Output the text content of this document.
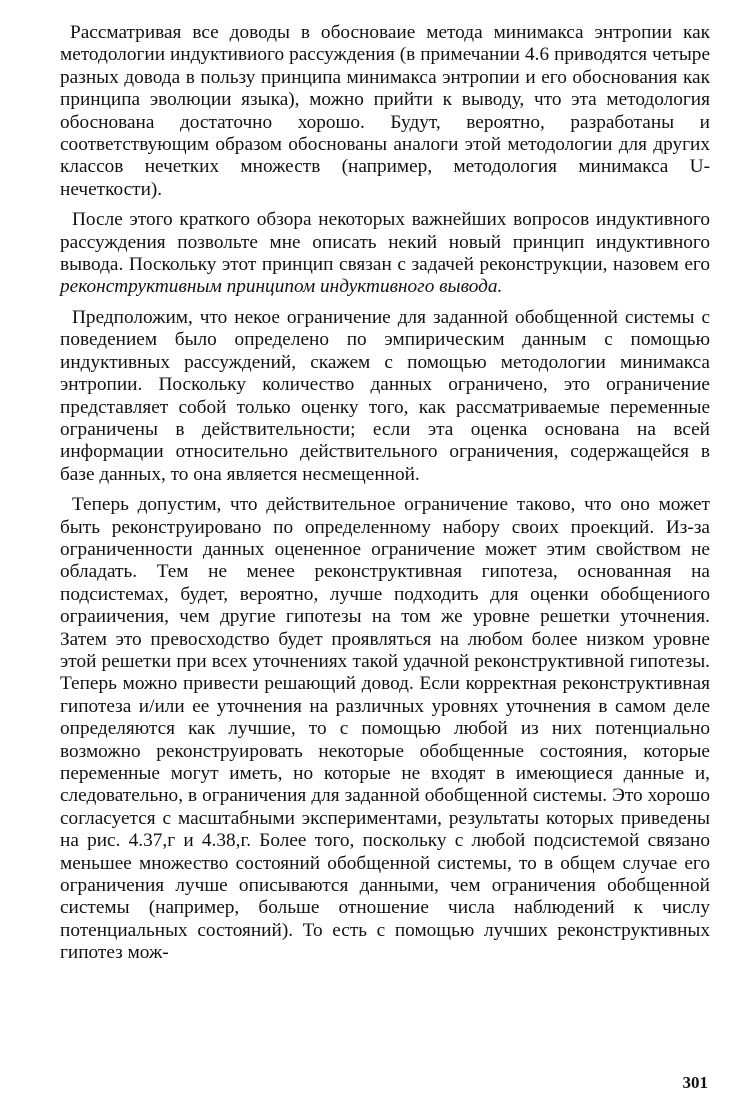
Рассматривая все доводы в обосноваие метода минимакса энтропии как методологии индуктивиого рассуждения (в примечании 4.6 приводятся четыре разных довода в пользу принципа минимакса энтропии и его обоснования как принципа эволюции языка), можно прийти к выводу, что эта методология обоснована достаточно хорошо. Будут, вероятно, разработаны и соответствующим образом обоснованы аналоги этой методологии для других классов нечетких множеств (например, методология минимакса U-нечеткости).

После этого краткого обзора некоторых важнейших вопросов индуктивного рассуждения позвольте мне описать некий новый принцип индуктивного вывода. Поскольку этот принцип связан с задачей реконструкции, назовем его реконструктивным принципом индуктивного вывода.

Предположим, что некое ограничение для заданной обобщенной системы с поведением было определено по эмпирическим данным с помощью индуктивных рассуждений, скажем с помощью методологии минимакса энтропии. Поскольку количество данных ограничено, это ограничение представляет собой только оценку того, как рассматриваемые переменные ограничены в действительности; если эта оценка основана на всей информации относительно действительного ограничения, содержащейся в базе данных, то она является несмещенной.

Теперь допустим, что действительное ограничение таково, что оно может быть реконструировано по определенному набору своих проекций. Из-за ограниченности данных оцененное ограничение может этим свойством не обладать. Тем не менее реконструктивная гипотеза, основанная на подсистемах, будет, вероятно, лучше подходить для оценки обобщениого ограиичения, чем другие гипотезы на том же уровне решетки уточнения. Затем это превосходство будет проявляться на любом более низком уровне этой решетки при всех уточнениях такой удачной реконструктивной гипотезы. Теперь можно привести решающий довод. Если корректная реконструктивная гипотеза и/или ее уточнения на различных уровнях уточнения в самом деле определяются как лучшие, то с помощью любой из них потенциально возможно реконструировать некоторые обобщенные состояния, которые переменные могут иметь, но которые не входят в имеющиеся данные и, следовательно, в ограничения для заданной обобщенной системы. Это хорошо согласуется с масштабными экспериментами, результаты которых приведены на рис. 4.37,г и 4.38,г. Более того, поскольку с любой подсистемой связано меньшее множество состояний обобщенной системы, то в общем случае его ограничения лучше описываются данными, чем ограничения обобщенной системы (например, больше отношение числа наблюдений к числу потенциальных состояний). То есть с помощью лучших реконструктивных гипотез мож-

301
